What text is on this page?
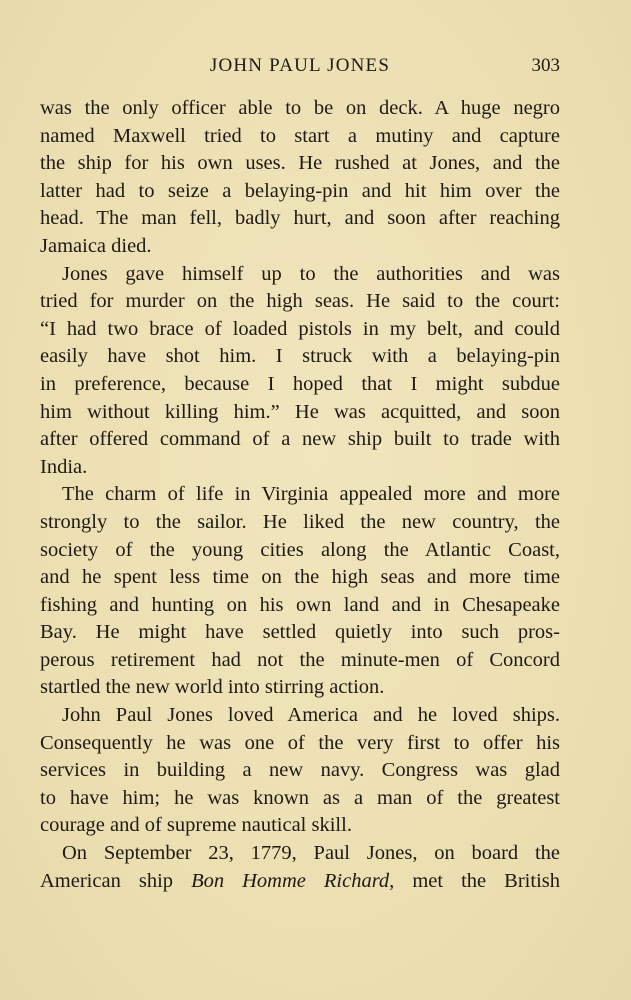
JOHN PAUL JONES	303
was the only officer able to be on deck. A huge negro
named Maxwell tried to start a mutiny and capture
the ship for his own uses. He rushed at Jones, and the
latter had to seize a belaying-pin and hit him over the
head. The man fell, badly hurt, and soon after reaching
Jamaica died.
Jones gave himself up to the authorities and was
tried for murder on the high seas. He said to the court:
“I had two brace of loaded pistols in my belt, and could
easily have shot him. I struck with a belaying-pin
in preference, because I hoped that I might subdue
him without killing him.” He was acquitted, and soon
after offered command of a new ship built to trade with
India.
The charm of life in Virginia appealed more and more
strongly to the sailor. He liked the new country, the
society of the young cities along the Atlantic Coast,
and he spent less time on the high seas and more time
fishing and hunting on his own land and in Chesapeake
Bay. He might have settled quietly into such pros-
perous retirement had not the minute-men of Concord
startled the new world into stirring action.
John Paul Jones loved America and he loved ships.
Consequently he was one of the very first to offer his
services in building a new navy. Congress was glad
to have him; he was known as a man of the greatest
courage and of supreme nautical skill.
On September 23, 1779, Paul Jones, on board the
American ship Bon Homme Richard, met the British
